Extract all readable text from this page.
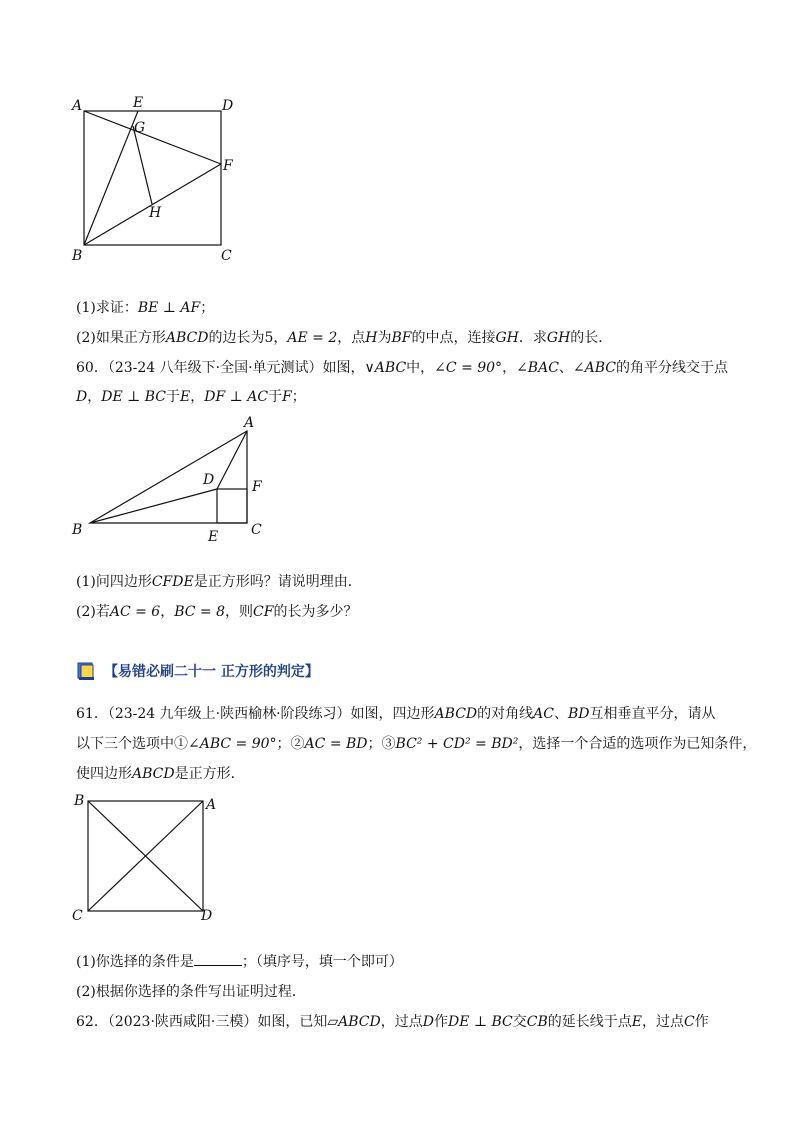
A	E	D
G
F
H
B	C
(1)求证：BE ⊥ AF；
(2)如果正方形ABCD的边长为5，AE = 2，点H为BF的中点，连接GH．求GH的长．
60．（23-24 八年级下·全国·单元测试）如图，∨ABC中，∠C = 90°，∠BAC、∠ABC的角平分线交于点
D，DE ⊥ BC于E，DF ⊥ AC于F；
A
D	F
B	C
E
(1)问四边形CFDE是正方形吗？请说明理由．
(2)若AC = 6，BC = 8，则CF的长为多少？
【易错必刷二十一 正方形的判定】
61．（23-24 九年级上·陕西榆林·阶段练习）如图，四边形ABCD的对角线AC、BD互相垂直平分，请从
以下三个选项中①∠ABC = 90°；②AC = BD；③BC² + CD² = BD²，选择一个合适的选项作为已知条件，
使四边形ABCD是正方形．
B	A
C	D
(1)你选择的条件是	；（填序号，填一个即可）
(2)根据你选择的条件写出证明过程．
62．（2023·陕西咸阳·三模）如图，已知▱ABCD，过点D作DE ⊥ BC交CB的延长线于点E，过点C作
